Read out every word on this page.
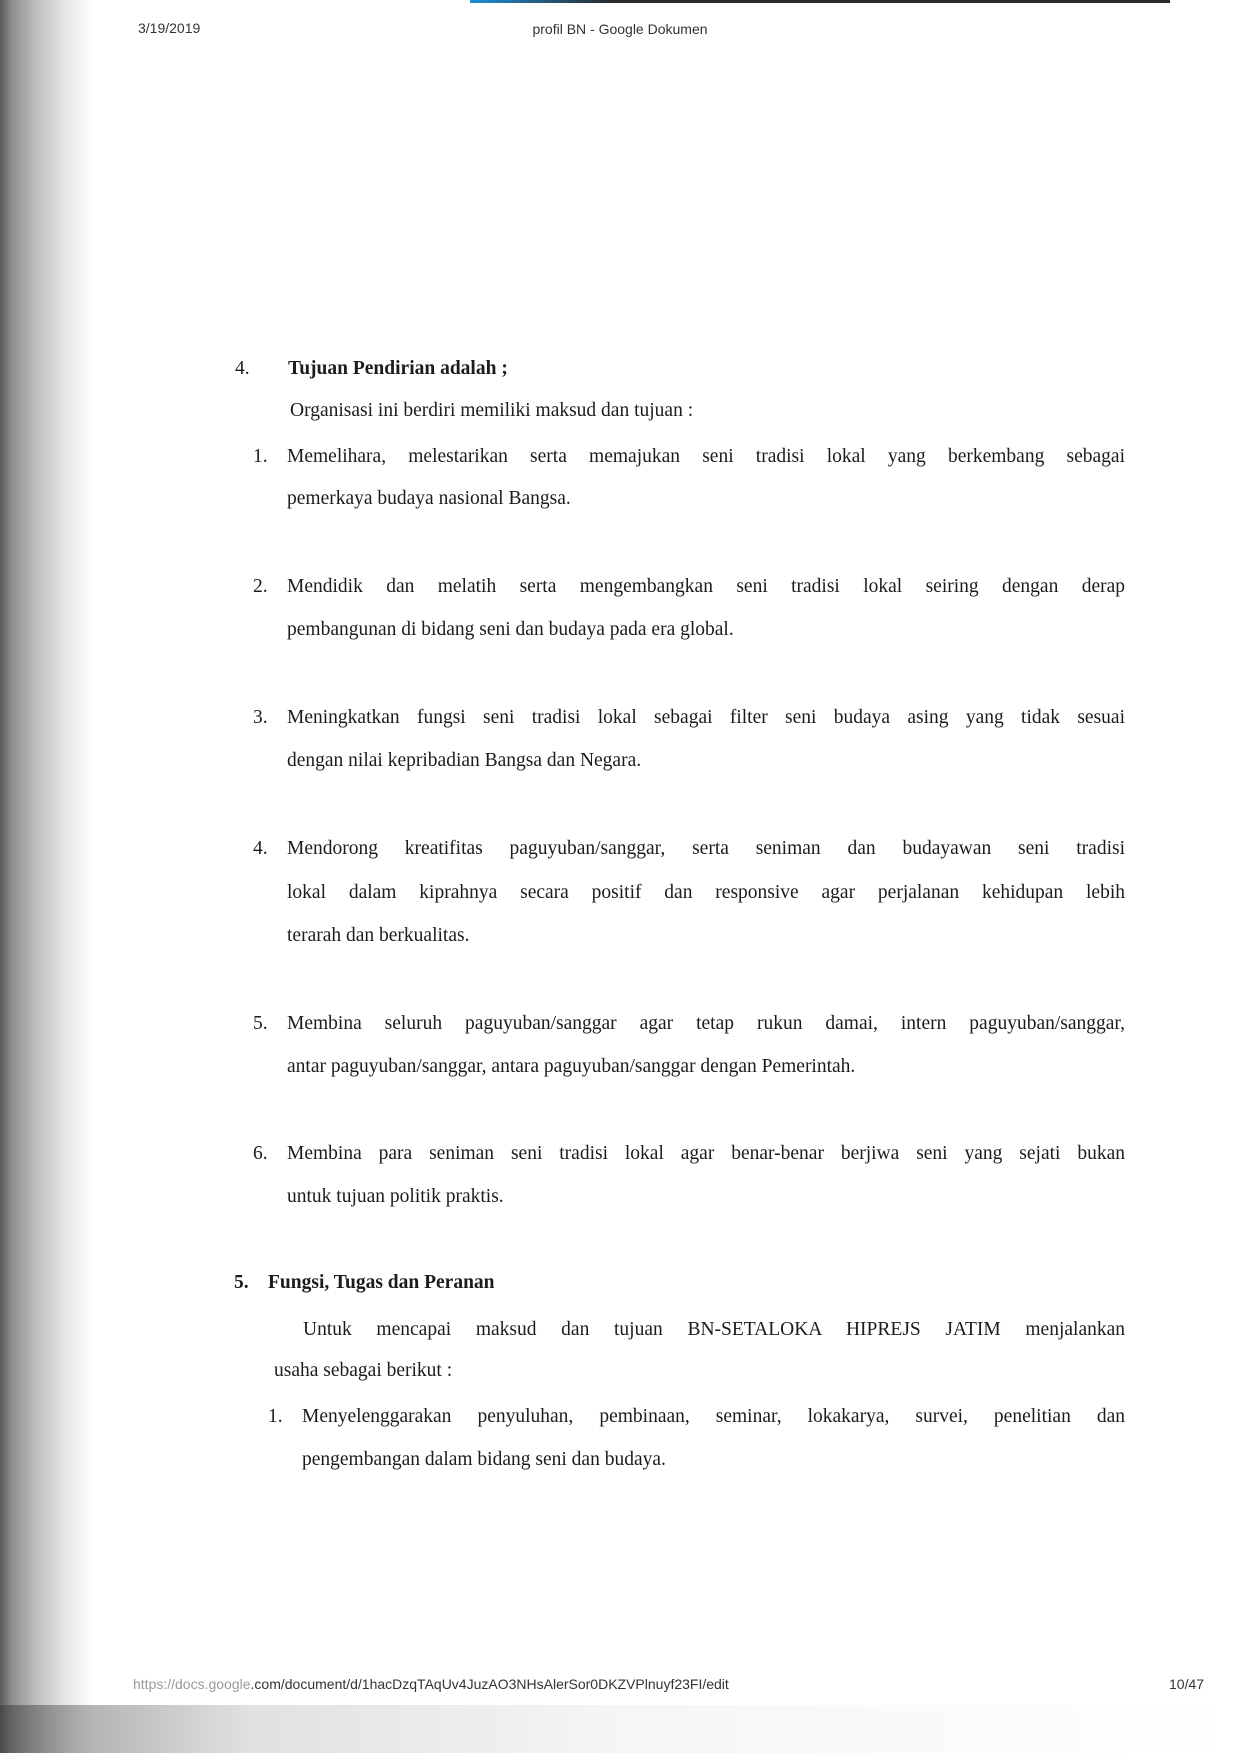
3/19/2019	profil BN - Google Dokumen
4. Tujuan Pendirian adalah ;
Organisasi ini berdiri memiliki maksud dan tujuan :
1. Memelihara, melestarikan serta memajukan seni tradisi lokal yang berkembang sebagai
pemerkaya budaya nasional Bangsa.
2. Mendidik dan melatih serta mengembangkan seni tradisi lokal seiring dengan derap
pembangunan di bidang seni dan budaya pada era global.
3. Meningkatkan fungsi seni tradisi lokal sebagai filter seni budaya asing yang tidak sesuai
dengan nilai kepribadian Bangsa dan Negara.
4. Mendorong kreatifitas paguyuban/sanggar, serta seniman dan budayawan seni tradisi
lokal dalam kiprahnya secara positif dan responsive agar perjalanan kehidupan lebih
terarah dan berkualitas.
5. Membina seluruh paguyuban/sanggar agar tetap rukun damai, intern paguyuban/sanggar,
antar paguyuban/sanggar, antara paguyuban/sanggar dengan Pemerintah.
6. Membina para seniman seni tradisi lokal agar benar-benar berjiwa seni yang sejati bukan
untuk tujuan politik praktis.
5. Fungsi, Tugas dan Peranan
Untuk mencapai maksud dan tujuan BN-SETALOKA HIPREJS JATIM menjalankan
usaha sebagai berikut :
1. Menyelenggarakan penyuluhan, pembinaan, seminar, lokakarya, survei, penelitian dan
pengembangan dalam bidang seni dan budaya.
https://docs.google.com/document/d/1hacDzqTAqUv4JuzAO3NHsAlerSor0DKZVPlnuyf23FI/edit	10/47
